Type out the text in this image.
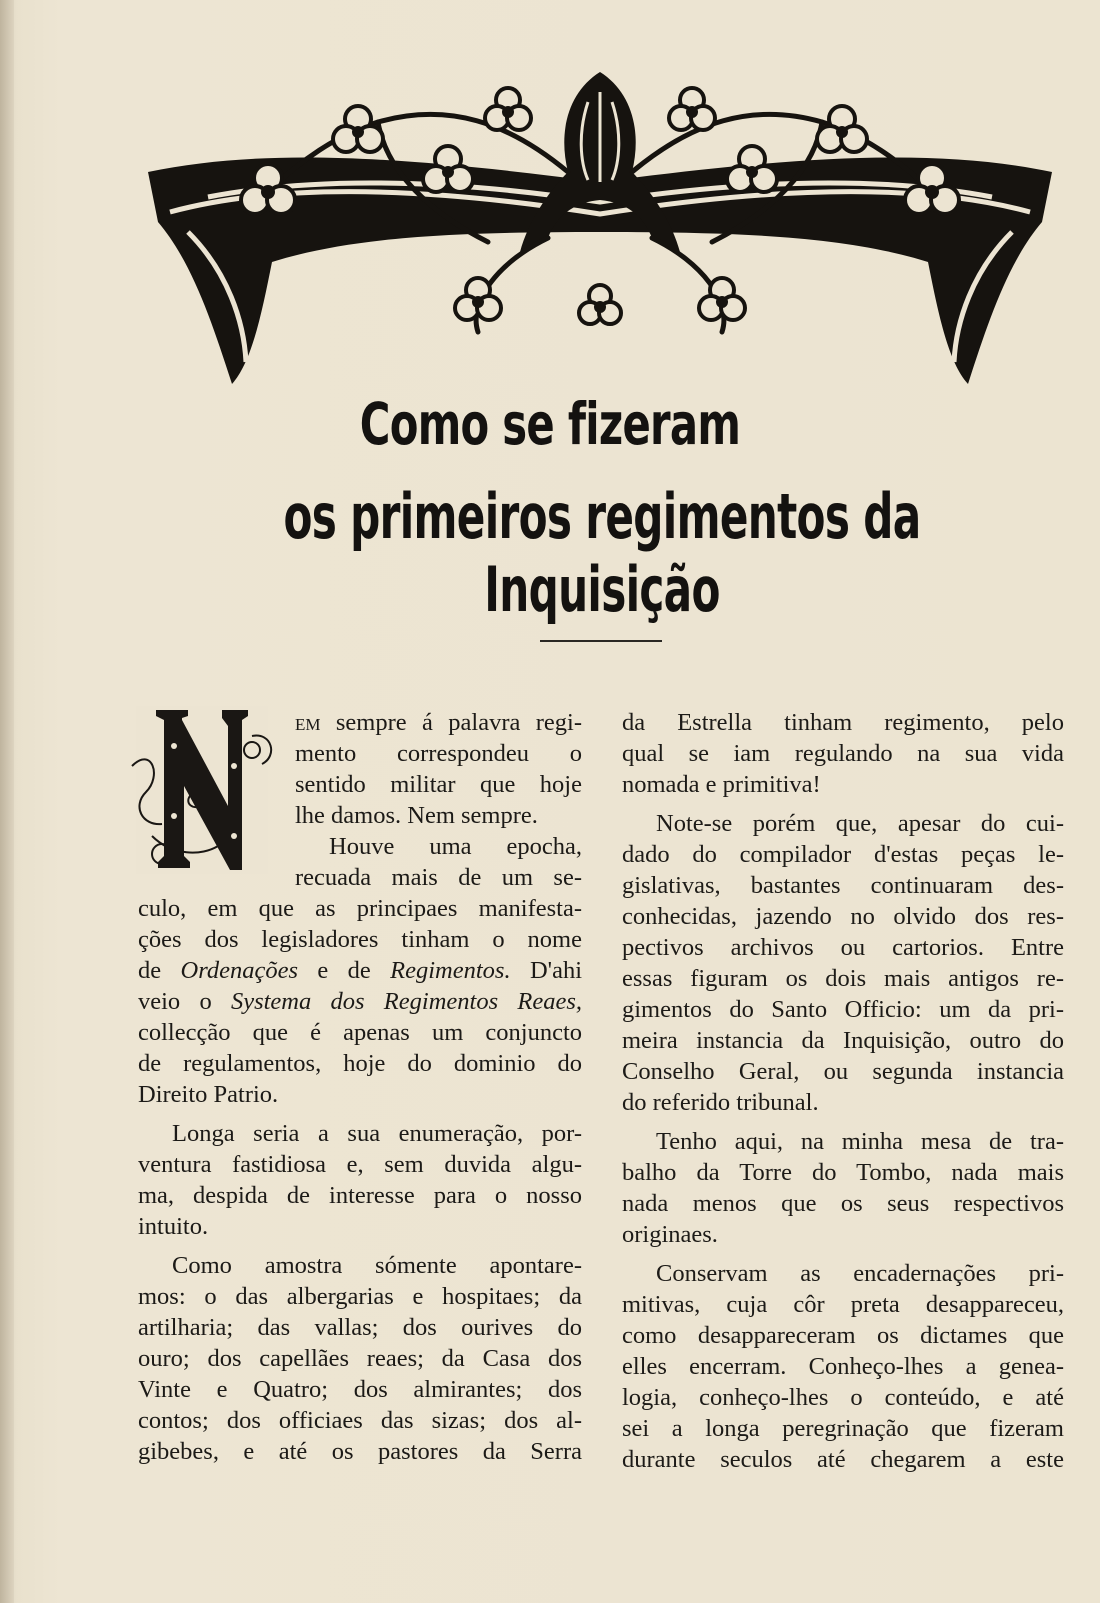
Como se fizeram
os primeiros regimentos da Inquisição
em sempre á palavra regi-
mento correspondeu o
sentido militar que hoje
lhe damos. Nem sempre.
Houve uma epocha,
recuada mais de um se-
culo, em que as principaes manifesta-
ções dos legisladores tinham o nome
de Ordenações e de Regimentos. D'ahi
veio o Systema dos Regimentos Reaes,
collecção que é apenas um conjuncto
de regulamentos, hoje do dominio do
Direito Patrio.
Longa seria a sua enumeração, por-
ventura fastidiosa e, sem duvida algu-
ma, despida de interesse para o nosso
intuito.
Como amostra sómente apontare-
mos: o das albergarias e hospitaes; da
artilharia; das vallas; dos ourives do
ouro; dos capellães reaes; da Casa dos
Vinte e Quatro; dos almirantes; dos
contos; dos officiaes das sizas; dos al-
gibebes, e até os pastores da Serra
da Estrella tinham regimento, pelo
qual se iam regulando na sua vida
nomada e primitiva!
Note-se porém que, apesar do cui-
dado do compilador d'estas peças le-
gislativas, bastantes continuaram des-
conhecidas, jazendo no olvido dos res-
pectivos archivos ou cartorios. Entre
essas figuram os dois mais antigos re-
gimentos do Santo Officio: um da pri-
meira instancia da Inquisição, outro do
Conselho Geral, ou segunda instancia
do referido tribunal.
Tenho aqui, na minha mesa de tra-
balho da Torre do Tombo, nada mais
nada menos que os seus respectivos
originaes.
Conservam as encadernações pri-
mitivas, cuja côr preta desappareceu,
como desappareceram os dictames que
elles encerram. Conheço-lhes a genea-
logia, conheço-lhes o conteúdo, e até
sei a longa peregrinação que fizeram
durante seculos até chegarem a este
